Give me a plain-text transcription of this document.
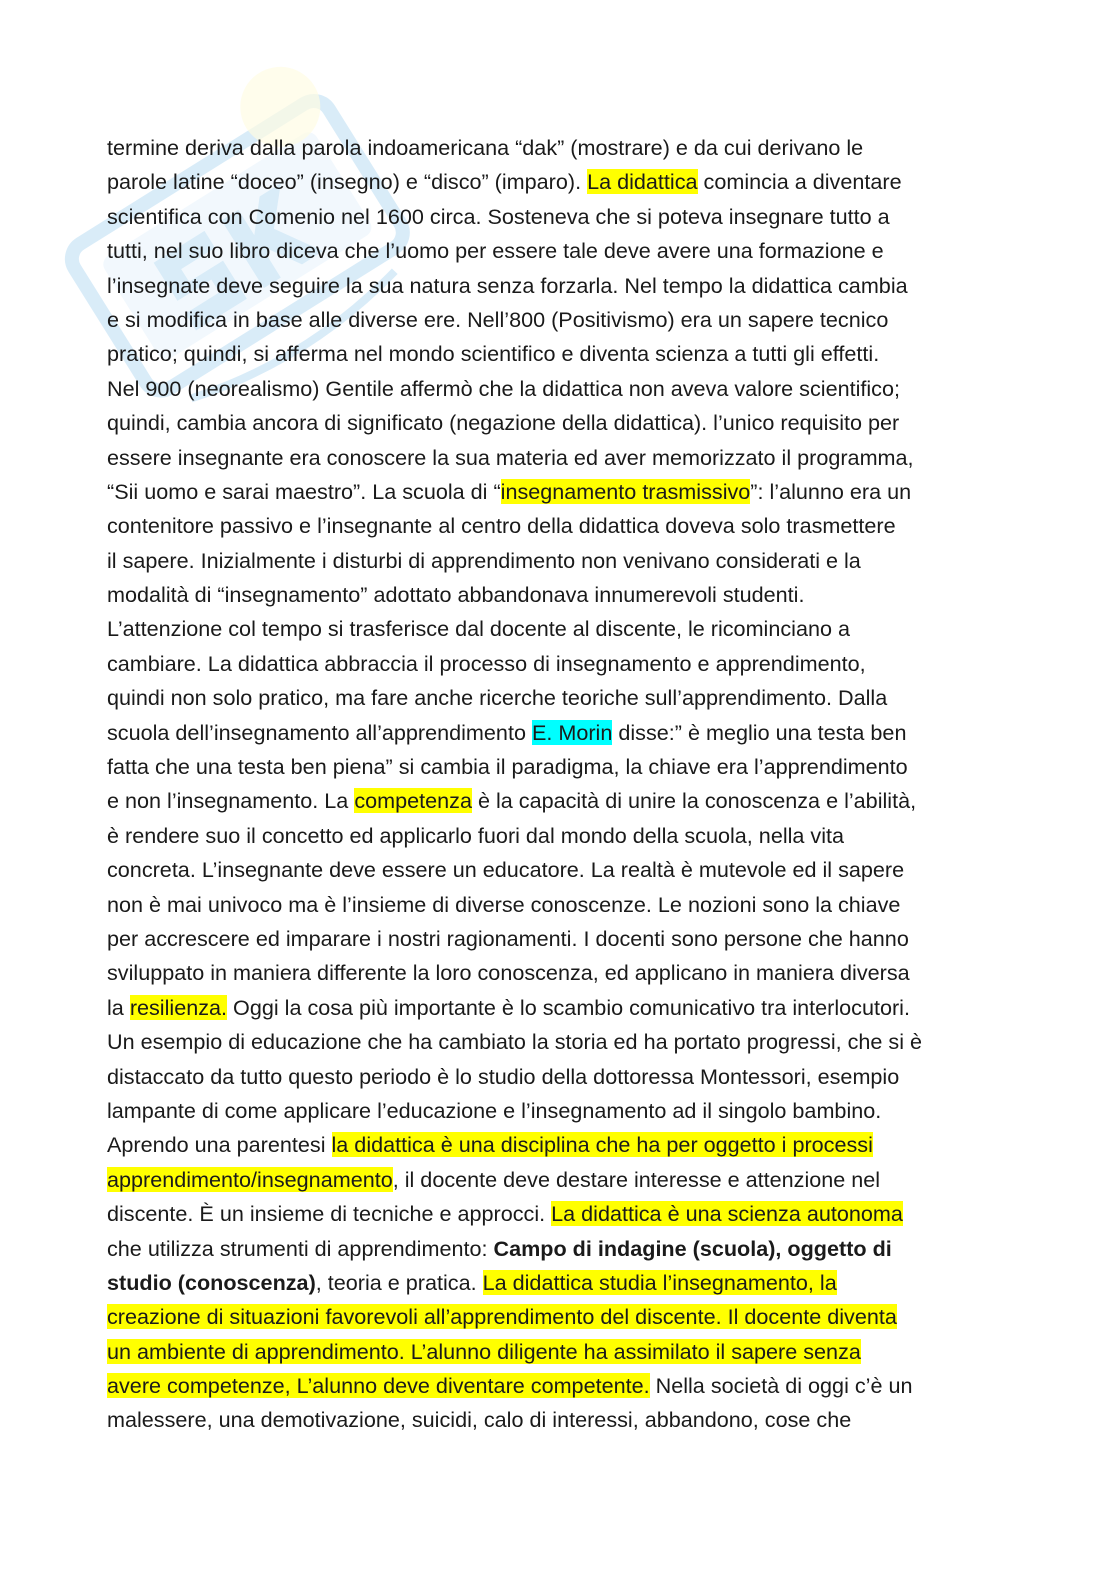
termine deriva dalla parola indoamericana “dak” (mostrare) e da cui derivano le
parole latine “doceo” (insegno) e “disco” (imparo). La didattica comincia a diventare
scientifica con Comenio nel 1600 circa. Sosteneva che si poteva insegnare tutto a
tutti, nel suo libro diceva che l’uomo per essere tale deve avere una formazione e
l’insegnate deve seguire la sua natura senza forzarla. Nel tempo la didattica cambia
e si modifica in base alle diverse ere. Nell’800 (Positivismo) era un sapere tecnico
pratico; quindi, si afferma nel mondo scientifico e diventa scienza a tutti gli effetti.
Nel 900 (neorealismo) Gentile affermò che la didattica non aveva valore scientifico;
quindi, cambia ancora di significato (negazione della didattica). l’unico requisito per
essere insegnante era conoscere la sua materia ed aver memorizzato il programma,
“Sii uomo e sarai maestro”. La scuola di “insegnamento trasmissivo”: l’alunno era un
contenitore passivo e l’insegnante al centro della didattica doveva solo trasmettere
il sapere. Inizialmente i disturbi di apprendimento non venivano considerati e la
modalità di “insegnamento” adottato abbandonava innumerevoli studenti.
L’attenzione col tempo si trasferisce dal docente al discente, le ricominciano a
cambiare. La didattica abbraccia il processo di insegnamento e apprendimento,
quindi non solo pratico, ma fare anche ricerche teoriche sull’apprendimento. Dalla
scuola dell’insegnamento all’apprendimento E. Morin disse:” è meglio una testa ben
fatta che una testa ben piena” si cambia il paradigma, la chiave era l’apprendimento
e non l’insegnamento. La competenza è la capacità di unire la conoscenza e l’abilità,
è rendere suo il concetto ed applicarlo fuori dal mondo della scuola, nella vita
concreta. L’insegnante deve essere un educatore. La realtà è mutevole ed il sapere
non è mai univoco ma è l’insieme di diverse conoscenze. Le nozioni sono la chiave
per accrescere ed imparare i nostri ragionamenti. I docenti sono persone che hanno
sviluppato in maniera differente la loro conoscenza, ed applicano in maniera diversa
la resilienza. Oggi la cosa più importante è lo scambio comunicativo tra interlocutori.
Un esempio di educazione che ha cambiato la storia ed ha portato progressi, che si è
distaccato da tutto questo periodo è lo studio della dottoressa Montessori, esempio
lampante di come applicare l’educazione e l’insegnamento ad il singolo bambino.
Aprendo una parentesi la didattica è una disciplina che ha per oggetto i processi
apprendimento/insegnamento, il docente deve destare interesse e attenzione nel
discente. È un insieme di tecniche e approcci. La didattica è una scienza autonoma
che utilizza strumenti di apprendimento: Campo di indagine (scuola), oggetto di
studio (conoscenza), teoria e pratica. La didattica studia l’insegnamento, la
creazione di situazioni favorevoli all’apprendimento del discente. Il docente diventa
un ambiente di apprendimento. L’alunno diligente ha assimilato il sapere senza
avere competenze, L’alunno deve diventare competente. Nella società di oggi c’è un
malessere, una demotivazione, suicidi, calo di interessi, abbandono, cose che
